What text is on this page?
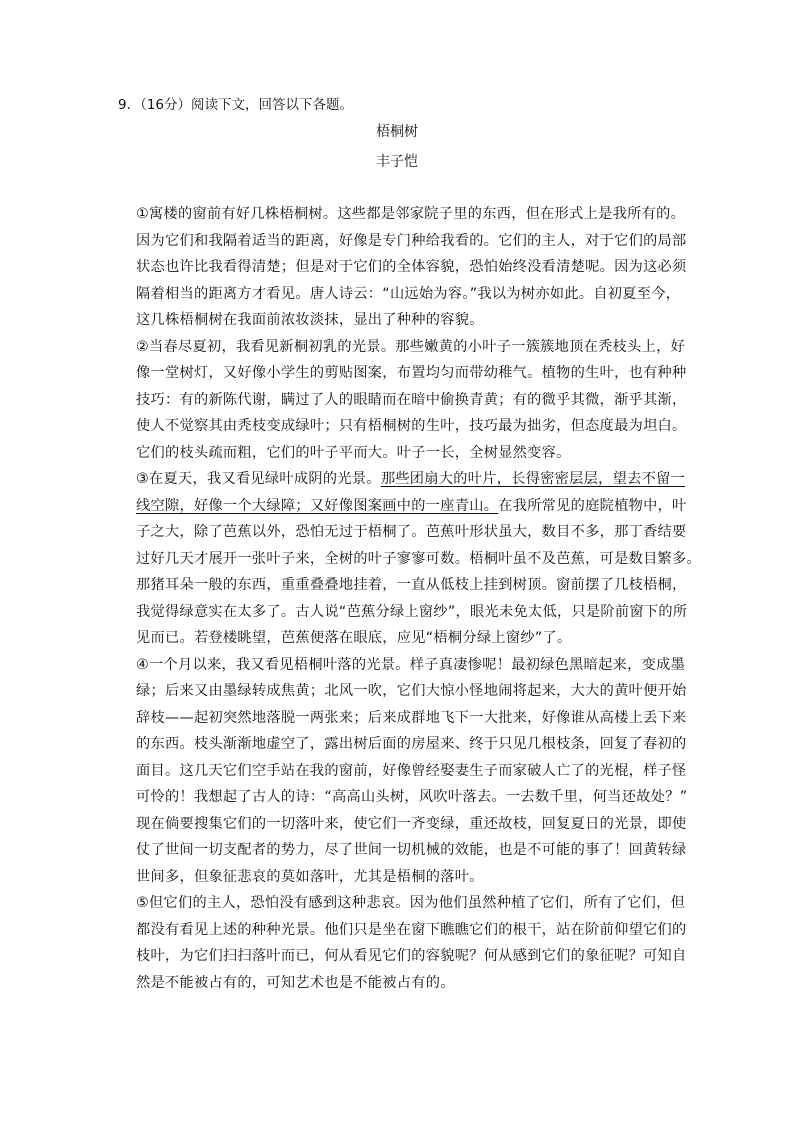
9．（16分）阅读下文，回答以下各题。
梧桐树
丰子恺
①寓楼的窗前有好几株梧桐树。这些都是邻家院子里的东西，但在形式上是我所有的。
因为它们和我隔着适当的距离，好像是专门种给我看的。它们的主人，对于它们的局部
状态也许比我看得清楚；但是对于它们的全体容貌，恐怕始终没看清楚呢。因为这必须
隔着相当的距离方才看见。唐人诗云：“山远始为容。”我以为树亦如此。自初夏至今，
这几株梧桐树在我面前浓妆淡抹，显出了种种的容貌。
②当春尽夏初，我看见新桐初乳的光景。那些嫩黄的小叶子一簇簇地顶在秃枝头上，好
像一堂树灯，又好像小学生的剪贴图案，布置均匀而带幼稚气。植物的生叶，也有种种
技巧：有的新陈代谢，瞒过了人的眼睛而在暗中偷换青黄；有的微乎其微，渐乎其渐，
使人不觉察其由秃枝变成绿叶；只有梧桐树的生叶，技巧最为拙劣，但态度最为坦白。
它们的枝头疏而粗，它们的叶子平而大。叶子一长，全树显然变容。
③在夏天，我又看见绿叶成阴的光景。那些团扇大的叶片，长得密密层层，望去不留一
线空隙，好像一个大绿障；又好像图案画中的一座青山。在我所常见的庭院植物中，叶
子之大，除了芭蕉以外，恐怕无过于梧桐了。芭蕉叶形状虽大，数目不多，那丁香结要
过好几天才展开一张叶子来，全树的叶子寥寥可数。梧桐叶虽不及芭蕉，可是数目繁多。
那猪耳朵一般的东西，重重叠叠地挂着，一直从低枝上挂到树顶。窗前摆了几枝梧桐，
我觉得绿意实在太多了。古人说“芭蕉分绿上窗纱”，眼光未免太低，只是阶前窗下的所
见而已。若登楼眺望，芭蕉便落在眼底，应见“梧桐分绿上窗纱”了。
④一个月以来，我又看见梧桐叶落的光景。样子真凄惨呢！最初绿色黑暗起来，变成墨
绿；后来又由墨绿转成焦黄；北风一吹，它们大惊小怪地闹将起来，大大的黄叶便开始
辞枝——起初突然地落脱一两张来；后来成群地飞下一大批来，好像谁从高楼上丢下来
的东西。枝头渐渐地虚空了，露出树后面的房屋来、终于只见几根枝条，回复了春初的
面目。这几天它们空手站在我的窗前，好像曾经娶妻生子而家破人亡了的光棍，样子怪
可怜的！我想起了古人的诗：“高高山头树，风吹叶落去。一去数千里，何当还故处？”
现在倘要搜集它们的一切落叶来，使它们一齐变绿，重还故枝，回复夏日的光景，即使
仗了世间一切支配者的势力，尽了世间一切机械的效能，也是不可能的事了！回黄转绿
世间多，但象征悲哀的莫如落叶，尤其是梧桐的落叶。
⑤但它们的主人，恐怕没有感到这种悲哀。因为他们虽然种植了它们，所有了它们，但
都没有看见上述的种种光景。他们只是坐在窗下瞧瞧它们的根干，站在阶前仰望它们的
枝叶，为它们扫扫落叶而已，何从看见它们的容貌呢？何从感到它们的象征呢？可知自
然是不能被占有的，可知艺术也是不能被占有的。
